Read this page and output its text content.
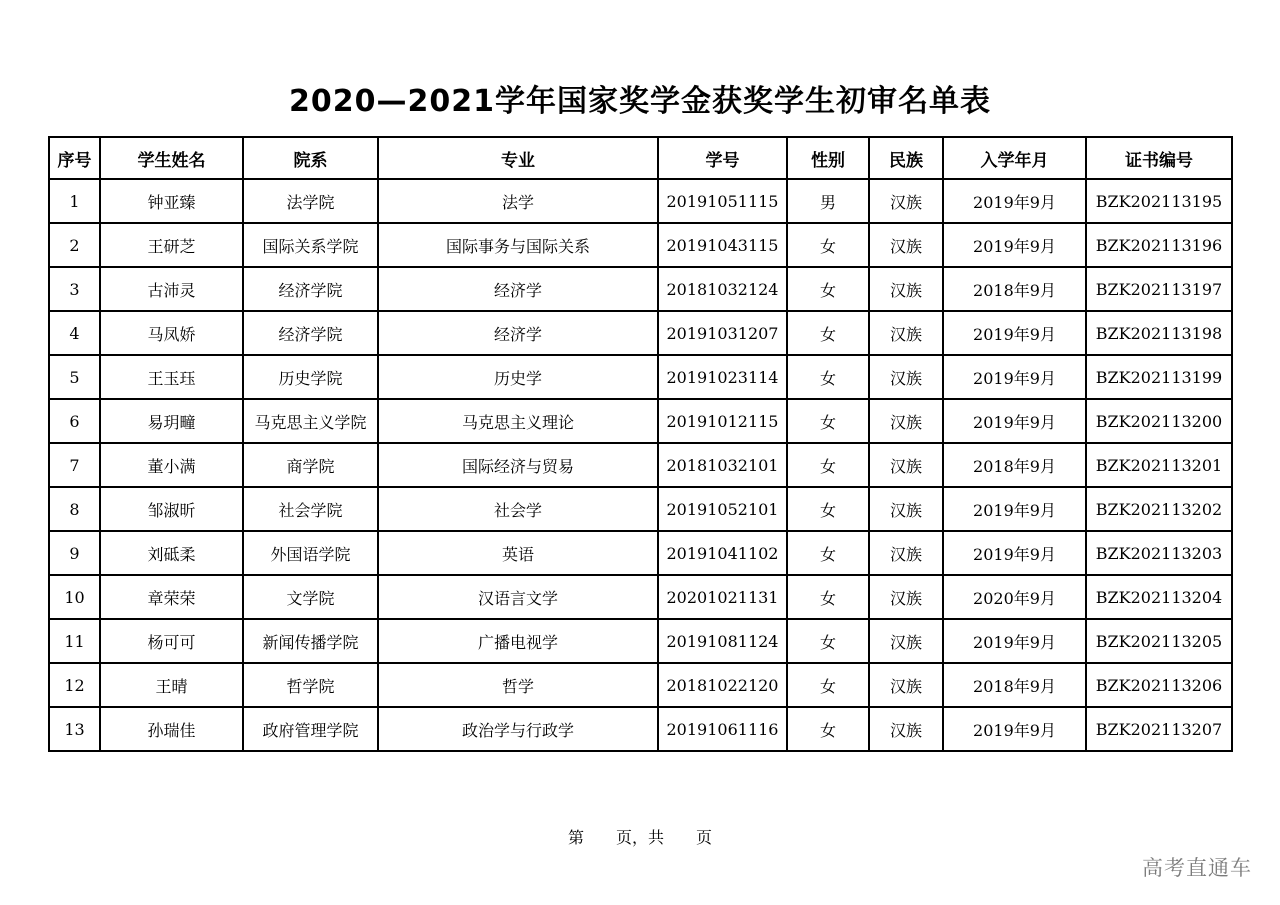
2020—2021学年国家奖学金获奖学生初审名单表
序号	学生姓名	院系	专业	学号	性别	民族	入学年月	证书编号
1	钟亚臻	法学院	法学	20191051115	男	汉族	2019年9月	BZK202113195
2	王研芝	国际关系学院	国际事务与国际关系	20191043115	女	汉族	2019年9月	BZK202113196
3	古沛灵	经济学院	经济学	20181032124	女	汉族	2018年9月	BZK202113197
4	马凤娇	经济学院	经济学	20191031207	女	汉族	2019年9月	BZK202113198
5	王玉珏	历史学院	历史学	20191023114	女	汉族	2019年9月	BZK202113199
6	易玥疃	马克思主义学院	马克思主义理论	20191012115	女	汉族	2019年9月	BZK202113200
7	董小满	商学院	国际经济与贸易	20181032101	女	汉族	2018年9月	BZK202113201
8	邹淑昕	社会学院	社会学	20191052101	女	汉族	2019年9月	BZK202113202
9	刘砥柔	外国语学院	英语	20191041102	女	汉族	2019年9月	BZK202113203
10	章荣荣	文学院	汉语言文学	20201021131	女	汉族	2020年9月	BZK202113204
11	杨可可	新闻传播学院	广播电视学	20191081124	女	汉族	2019年9月	BZK202113205
12	王晴	哲学院	哲学	20181022120	女	汉族	2018年9月	BZK202113206
13	孙瑞佳	政府管理学院	政治学与行政学	20191061116	女	汉族	2019年9月	BZK202113207
第 页，共 页
高考直通车
